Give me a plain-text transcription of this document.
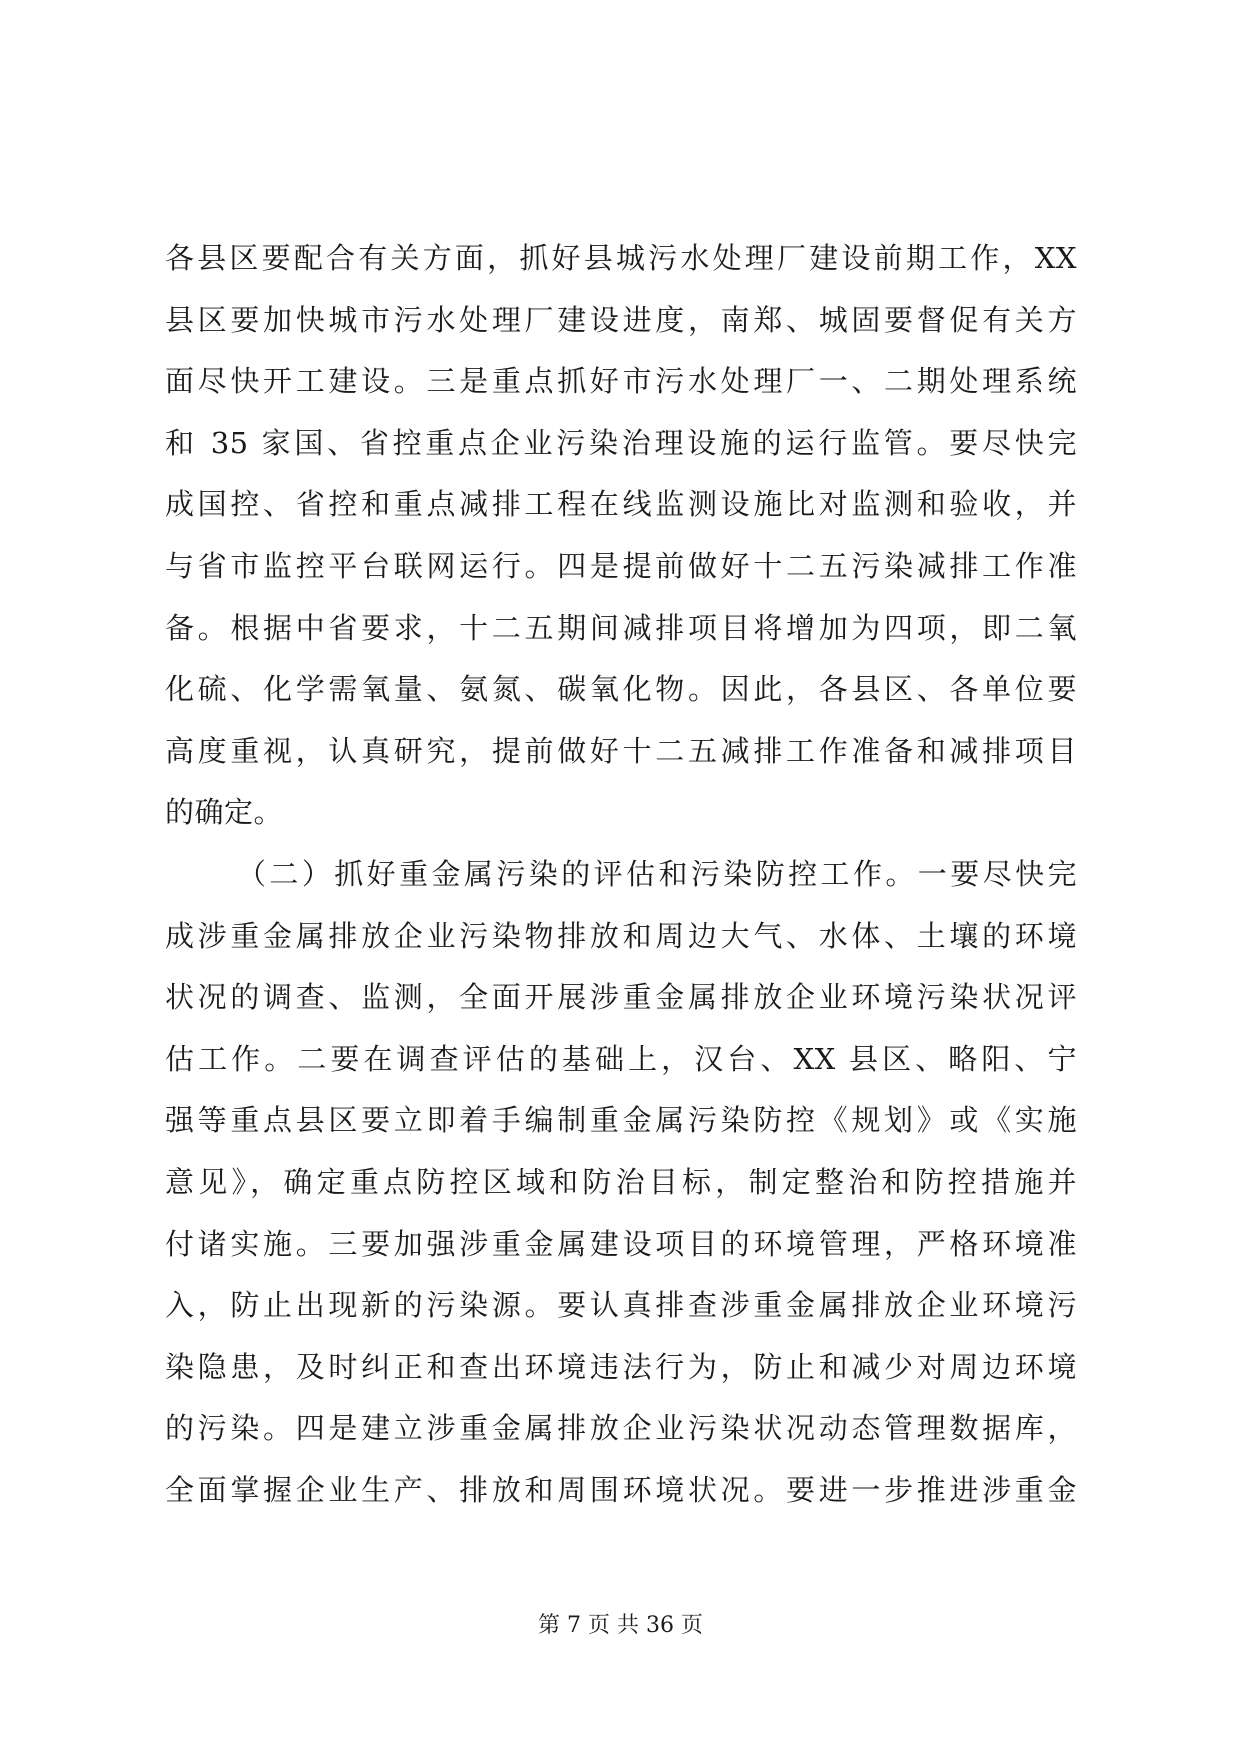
各县区要配合有关方面，抓好县城污水处理厂建设前期工作，XX
县区要加快城市污水处理厂建设进度，南郑、城固要督促有关方
面尽快开工建设。三是重点抓好市污水处理厂一、二期处理系统
和 35 家国、省控重点企业污染治理设施的运行监管。要尽快完
成国控、省控和重点减排工程在线监测设施比对监测和验收，并
与省市监控平台联网运行。四是提前做好十二五污染减排工作准
备。根据中省要求，十二五期间减排项目将增加为四项，即二氧
化硫、化学需氧量、氨氮、碳氧化物。因此，各县区、各单位要
高度重视，认真研究，提前做好十二五减排工作准备和减排项目
的确定。
（二）抓好重金属污染的评估和污染防控工作。一要尽快完
成涉重金属排放企业污染物排放和周边大气、水体、土壤的环境
状况的调查、监测，全面开展涉重金属排放企业环境污染状况评
估工作。二要在调查评估的基础上，汉台、XX 县区、略阳、宁
强等重点县区要立即着手编制重金属污染防控《规划》或《实施
意见》，确定重点防控区域和防治目标，制定整治和防控措施并
付诸实施。三要加强涉重金属建设项目的环境管理，严格环境准
入，防止出现新的污染源。要认真排查涉重金属排放企业环境污
染隐患，及时纠正和查出环境违法行为，防止和减少对周边环境
的污染。四是建立涉重金属排放企业污染状况动态管理数据库，
全面掌握企业生产、排放和周围环境状况。要进一步推进涉重金
第 7 页 共 36 页
